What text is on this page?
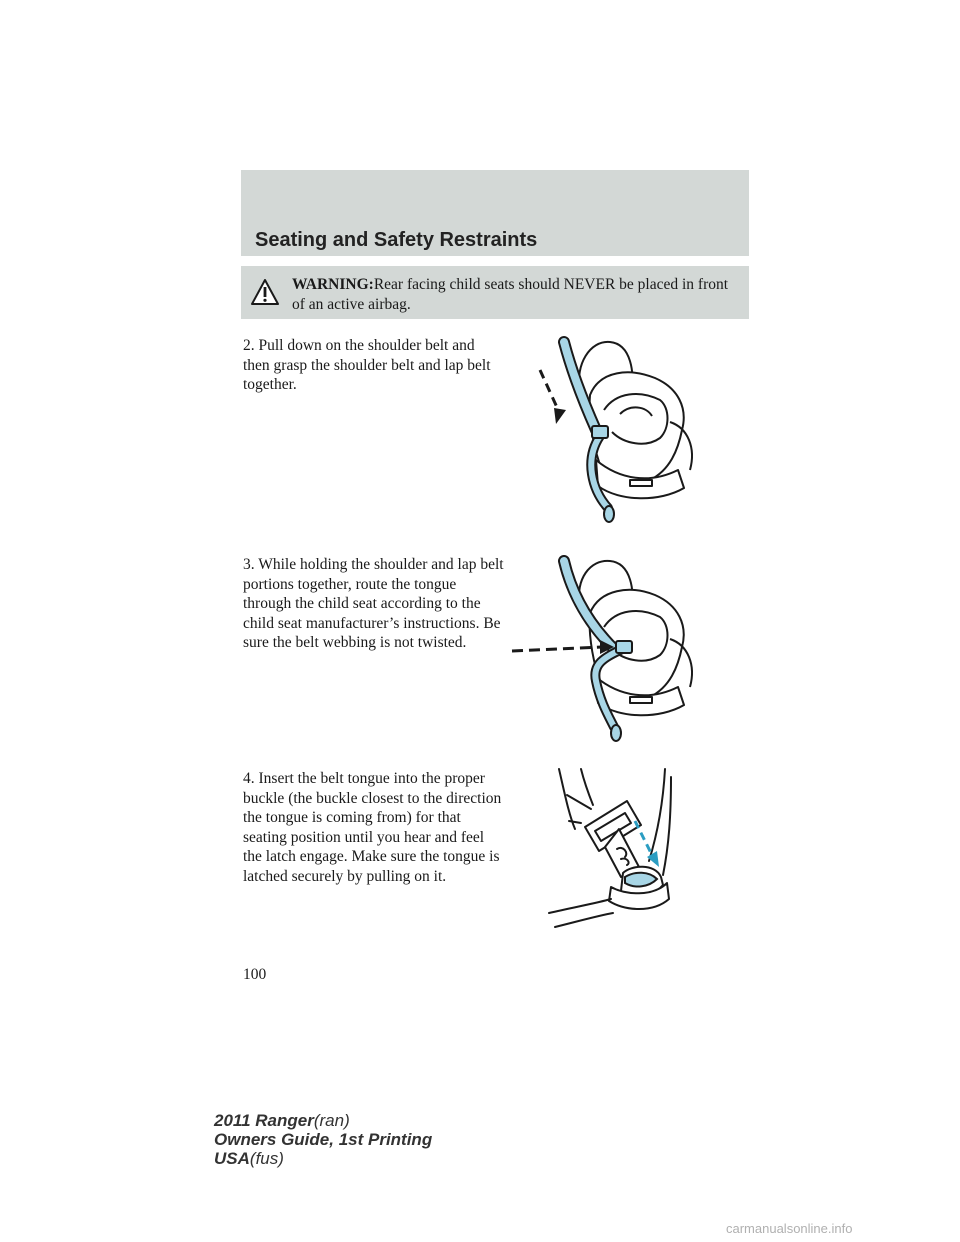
Seating and Safety Restraints
WARNING:Rear facing child seats should NEVER be placed in front of an active airbag.
2. Pull down on the shoulder belt and then grasp the shoulder belt and lap belt together.
3. While holding the shoulder and lap belt portions together, route the tongue through the child seat according to the child seat manufacturer’s instructions. Be sure the belt webbing is not twisted.
4. Insert the belt tongue into the proper buckle (the buckle closest to the direction the tongue is coming from) for that seating position until you hear and feel the latch engage. Make sure the tongue is latched securely by pulling on it.
100
2011 Ranger(ran)
Owners Guide, 1st Printing
USA(fus)
carmanualsonline.info
